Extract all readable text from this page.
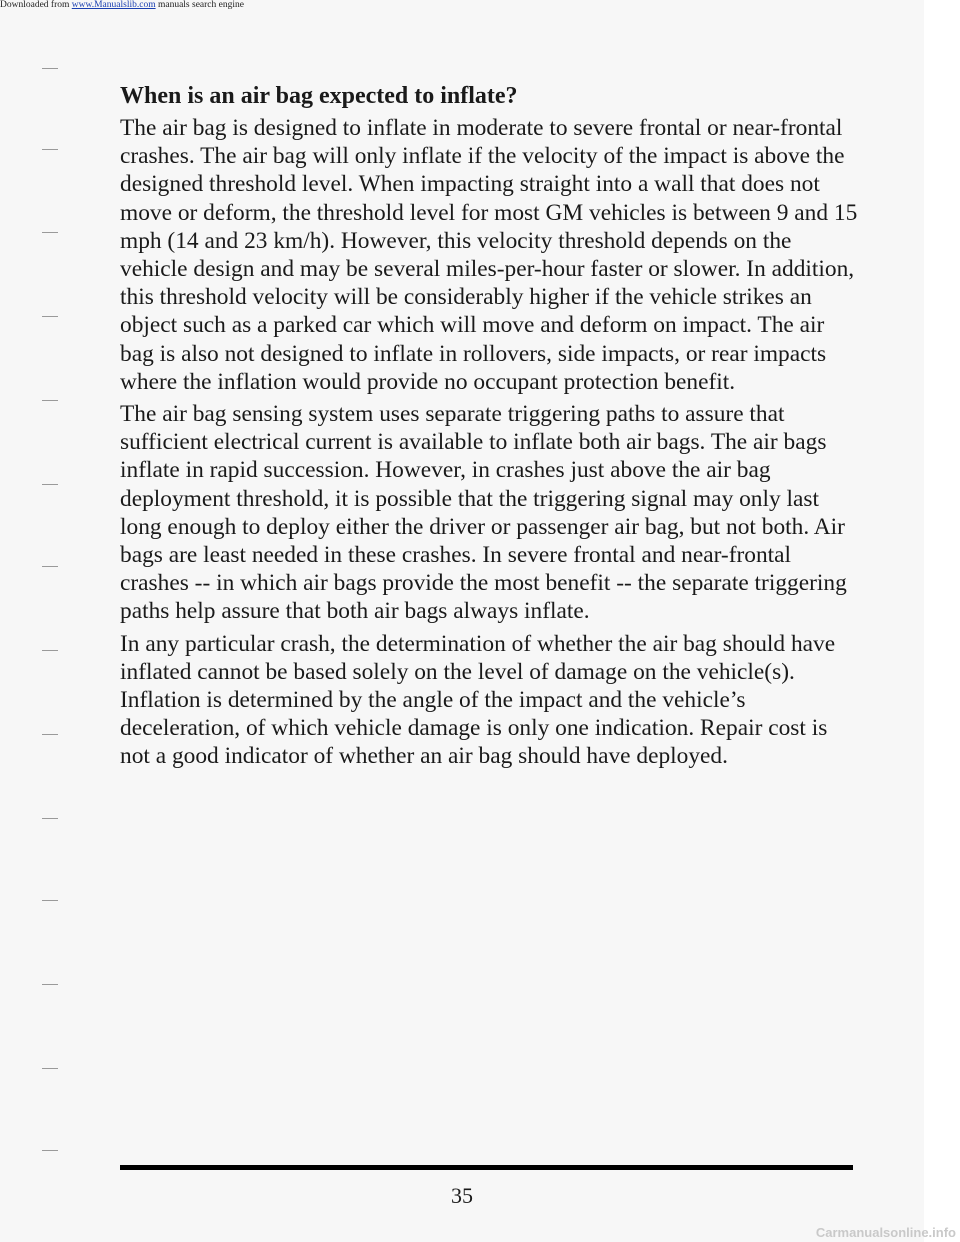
Downloaded from www.Manualslib.com manuals search engine
When is an air bag expected to inflate?

The air bag is designed to inflate in moderate to severe frontal or near-frontal crashes. The air bag will only inflate if the velocity of the impact is above the designed threshold level. When impacting straight into a wall that does not move or deform, the threshold level for most GM vehicles is between 9 and 15 mph (14 and 23 km/h). However, this velocity threshold depends on the vehicle design and may be several miles-per-hour faster or slower. In addition, this threshold velocity will be considerably higher if the vehicle strikes an object such as a parked car which will move and deform on impact. The air bag is also not designed to inflate in rollovers, side impacts, or rear impacts where the inflation would provide no occupant protection benefit.

The air bag sensing system uses separate triggering paths to assure that sufficient electrical current is available to inflate both air bags. The air bags inflate in rapid succession. However, in crashes just above the air bag deployment threshold, it is possible that the triggering signal may only last long enough to deploy either the driver or passenger air bag, but not both. Air bags are least needed in these crashes. In severe frontal and near-frontal crashes -- in which air bags provide the most benefit -- the separate triggering paths help assure that both air bags always inflate.

In any particular crash, the determination of whether the air bag should have inflated cannot be based solely on the level of damage on the vehicle(s). Inflation is determined by the angle of the impact and the vehicle’s deceleration, of which vehicle damage is only one indication. Repair cost is not a good indicator of whether an air bag should have deployed.

35
Carmanualsonline.info
